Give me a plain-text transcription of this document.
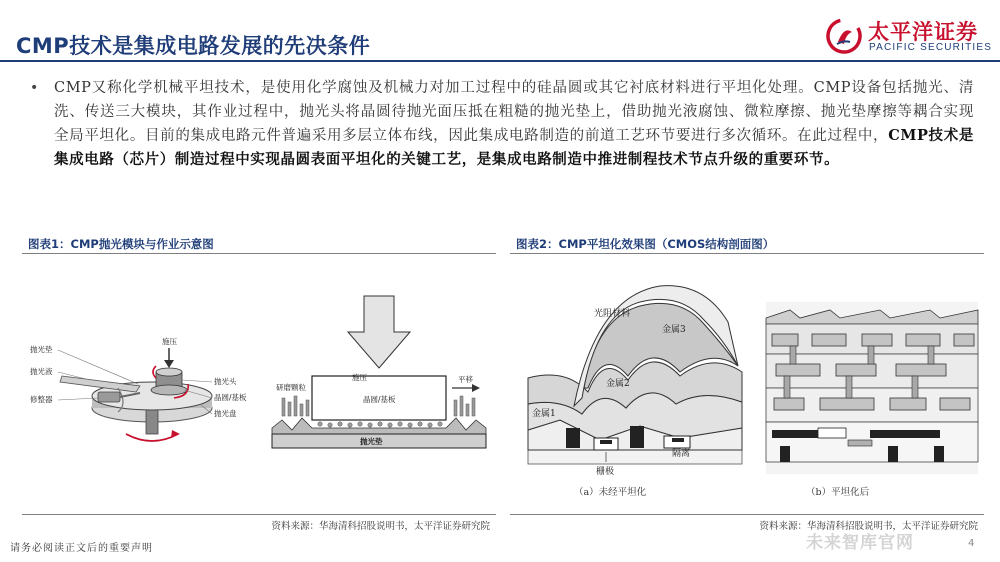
CMP技术是集成电路发展的先决条件
太平洋证券
PACIFIC SECURITIES
• CMP又称化学机械平坦技术，是使用化学腐蚀及机械力对加工过程中的硅晶圆或其它衬底材料进行平坦化处理。CMP设备包括抛光、清洗、传送三大模块，其作业过程中，抛光头将晶圆待抛光面压抵在粗糙的抛光垫上，借助抛光液腐蚀、微粒摩擦、抛光垫摩擦等耦合实现全局平坦化。目前的集成电路元件普遍采用多层立体布线，因此集成电路制造的前道工艺环节要进行多次循环。在此过程中，CMP技术是集成电路（芯片）制造过程中实现晶圆表面平坦化的关键工艺，是集成电路制造中推进制程技术节点升级的重要环节。
图表1：CMP抛光模块与作业示意图	图表2：CMP平坦化效果图（CMOS结构剖面图）
抛光垫
抛光液
修整器
施压
抛光头
晶圆/基板
抛光盘
施压
晶圆/基板
平移
研磨颗粒
抛光垫
光阻材料
金属3
金属2
金属1
栅极
隔离
（a）未经平坦化	（b）平坦化后
资料来源：华海清科招股说明书，太平洋证券研究院	资料来源：华海清科招股说明书，太平洋证券研究院
请务必阅读正文后的重要声明	未来智库官网	4
